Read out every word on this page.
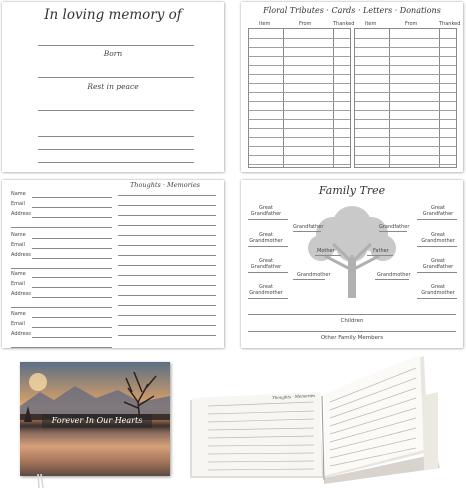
In loving memory of
Born
Rest in peace
Floral Tributes · Cards · Letters · Donations
Item	From	Thanked Item	From	Thanked
Thoughts · Memories
Name
Email
Address
Name
Email
Address
Name
Email
Address
Name
Email
Address
Family Tree
Great Grandfather
Great Grandmother
Great Grandfather
Great Grandmother
Great Grandfather
Great Grandmother
Great Grandfather
Great Grandmother
Grandfather	Grandfather
Mother	Father
Grandmother	Grandmother
Children
Other Family Members
Forever In Our Hearts
Thoughts · Memories
